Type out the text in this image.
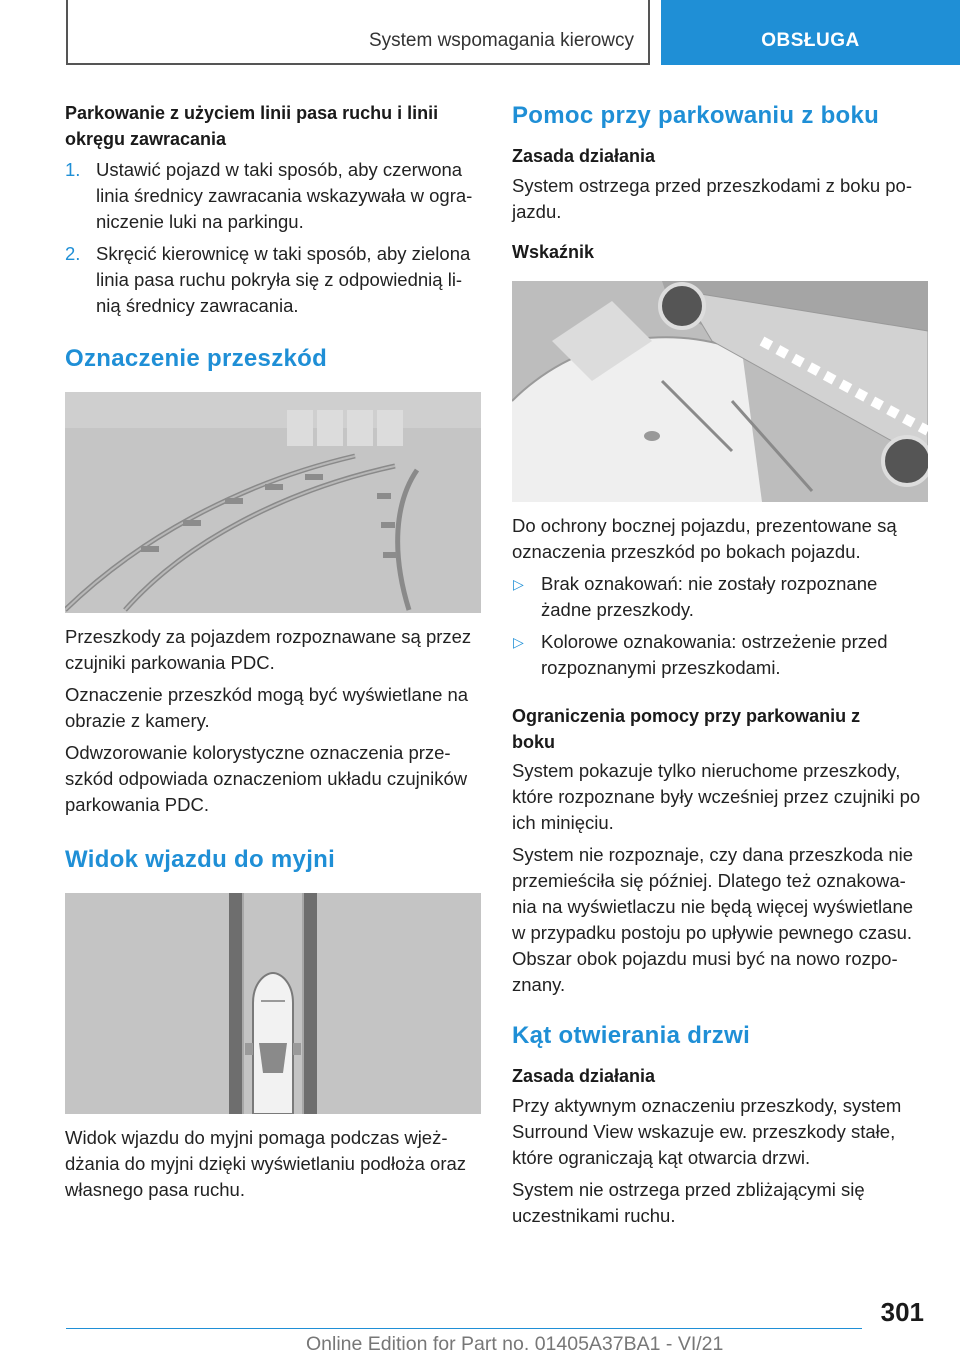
System wspomagania kierowcy	OBSŁUGA
Parkowanie z użyciem linii pasa ruchu i linii okręgu zawracania
1. Ustawić pojazd w taki sposób, aby czerwona linia średnicy zawracania wskazywała w ogra- niczenie luki na parkingu.
2. Skręcić kierownicę w taki sposób, aby zielona linia pasa ruchu pokryła się z odpowiednią li- nią średnicy zawracania.
Oznaczenie przeszkód
Przeszkody za pojazdem rozpoznawane są przez czujniki parkowania PDC.
Oznaczenie przeszkód mogą być wyświetlane na obrazie z kamery.
Odwzorowanie kolorystyczne oznaczenia prze- szkód odpowiada oznaczeniom układu czujników parkowania PDC.
Widok wjazdu do myjni
Widok wjazdu do myjni pomaga podczas wjeż- dżania do myjni dzięki wyświetlaniu podłoża oraz własnego pasa ruchu.
Pomoc przy parkowaniu z boku
Zasada działania
System ostrzega przed przeszkodami z boku po- jazdu.
Wskaźnik
Do ochrony bocznej pojazdu, prezentowane są oznaczenia przeszkód po bokach pojazdu.
▷ Brak oznakowań: nie zostały rozpoznane żadne przeszkody.
▷ Kolorowe oznakowania: ostrzeżenie przed rozpoznanymi przeszkodami.
Ograniczenia pomocy przy parkowaniu z boku
System pokazuje tylko nieruchome przeszkody, które rozpoznane były wcześniej przez czujniki po ich minięciu.
System nie rozpoznaje, czy dana przeszkoda nie przemieściła się później. Dlatego też oznakowa- nia na wyświetlaczu nie będą więcej wyświetlane w przypadku postoju po upływie pewnego czasu. Obszar obok pojazdu musi być na nowo rozpo- znany.
Kąt otwierania drzwi
Zasada działania
Przy aktywnym oznaczeniu przeszkody, system Surround View wskazuje ew. przeszkody stałe, które ograniczają kąt otwarcia drzwi.
System nie ostrzega przed zbliżającymi się uczestnikami ruchu.
301
Online Edition for Part no. 01405A37BA1 - VI/21
